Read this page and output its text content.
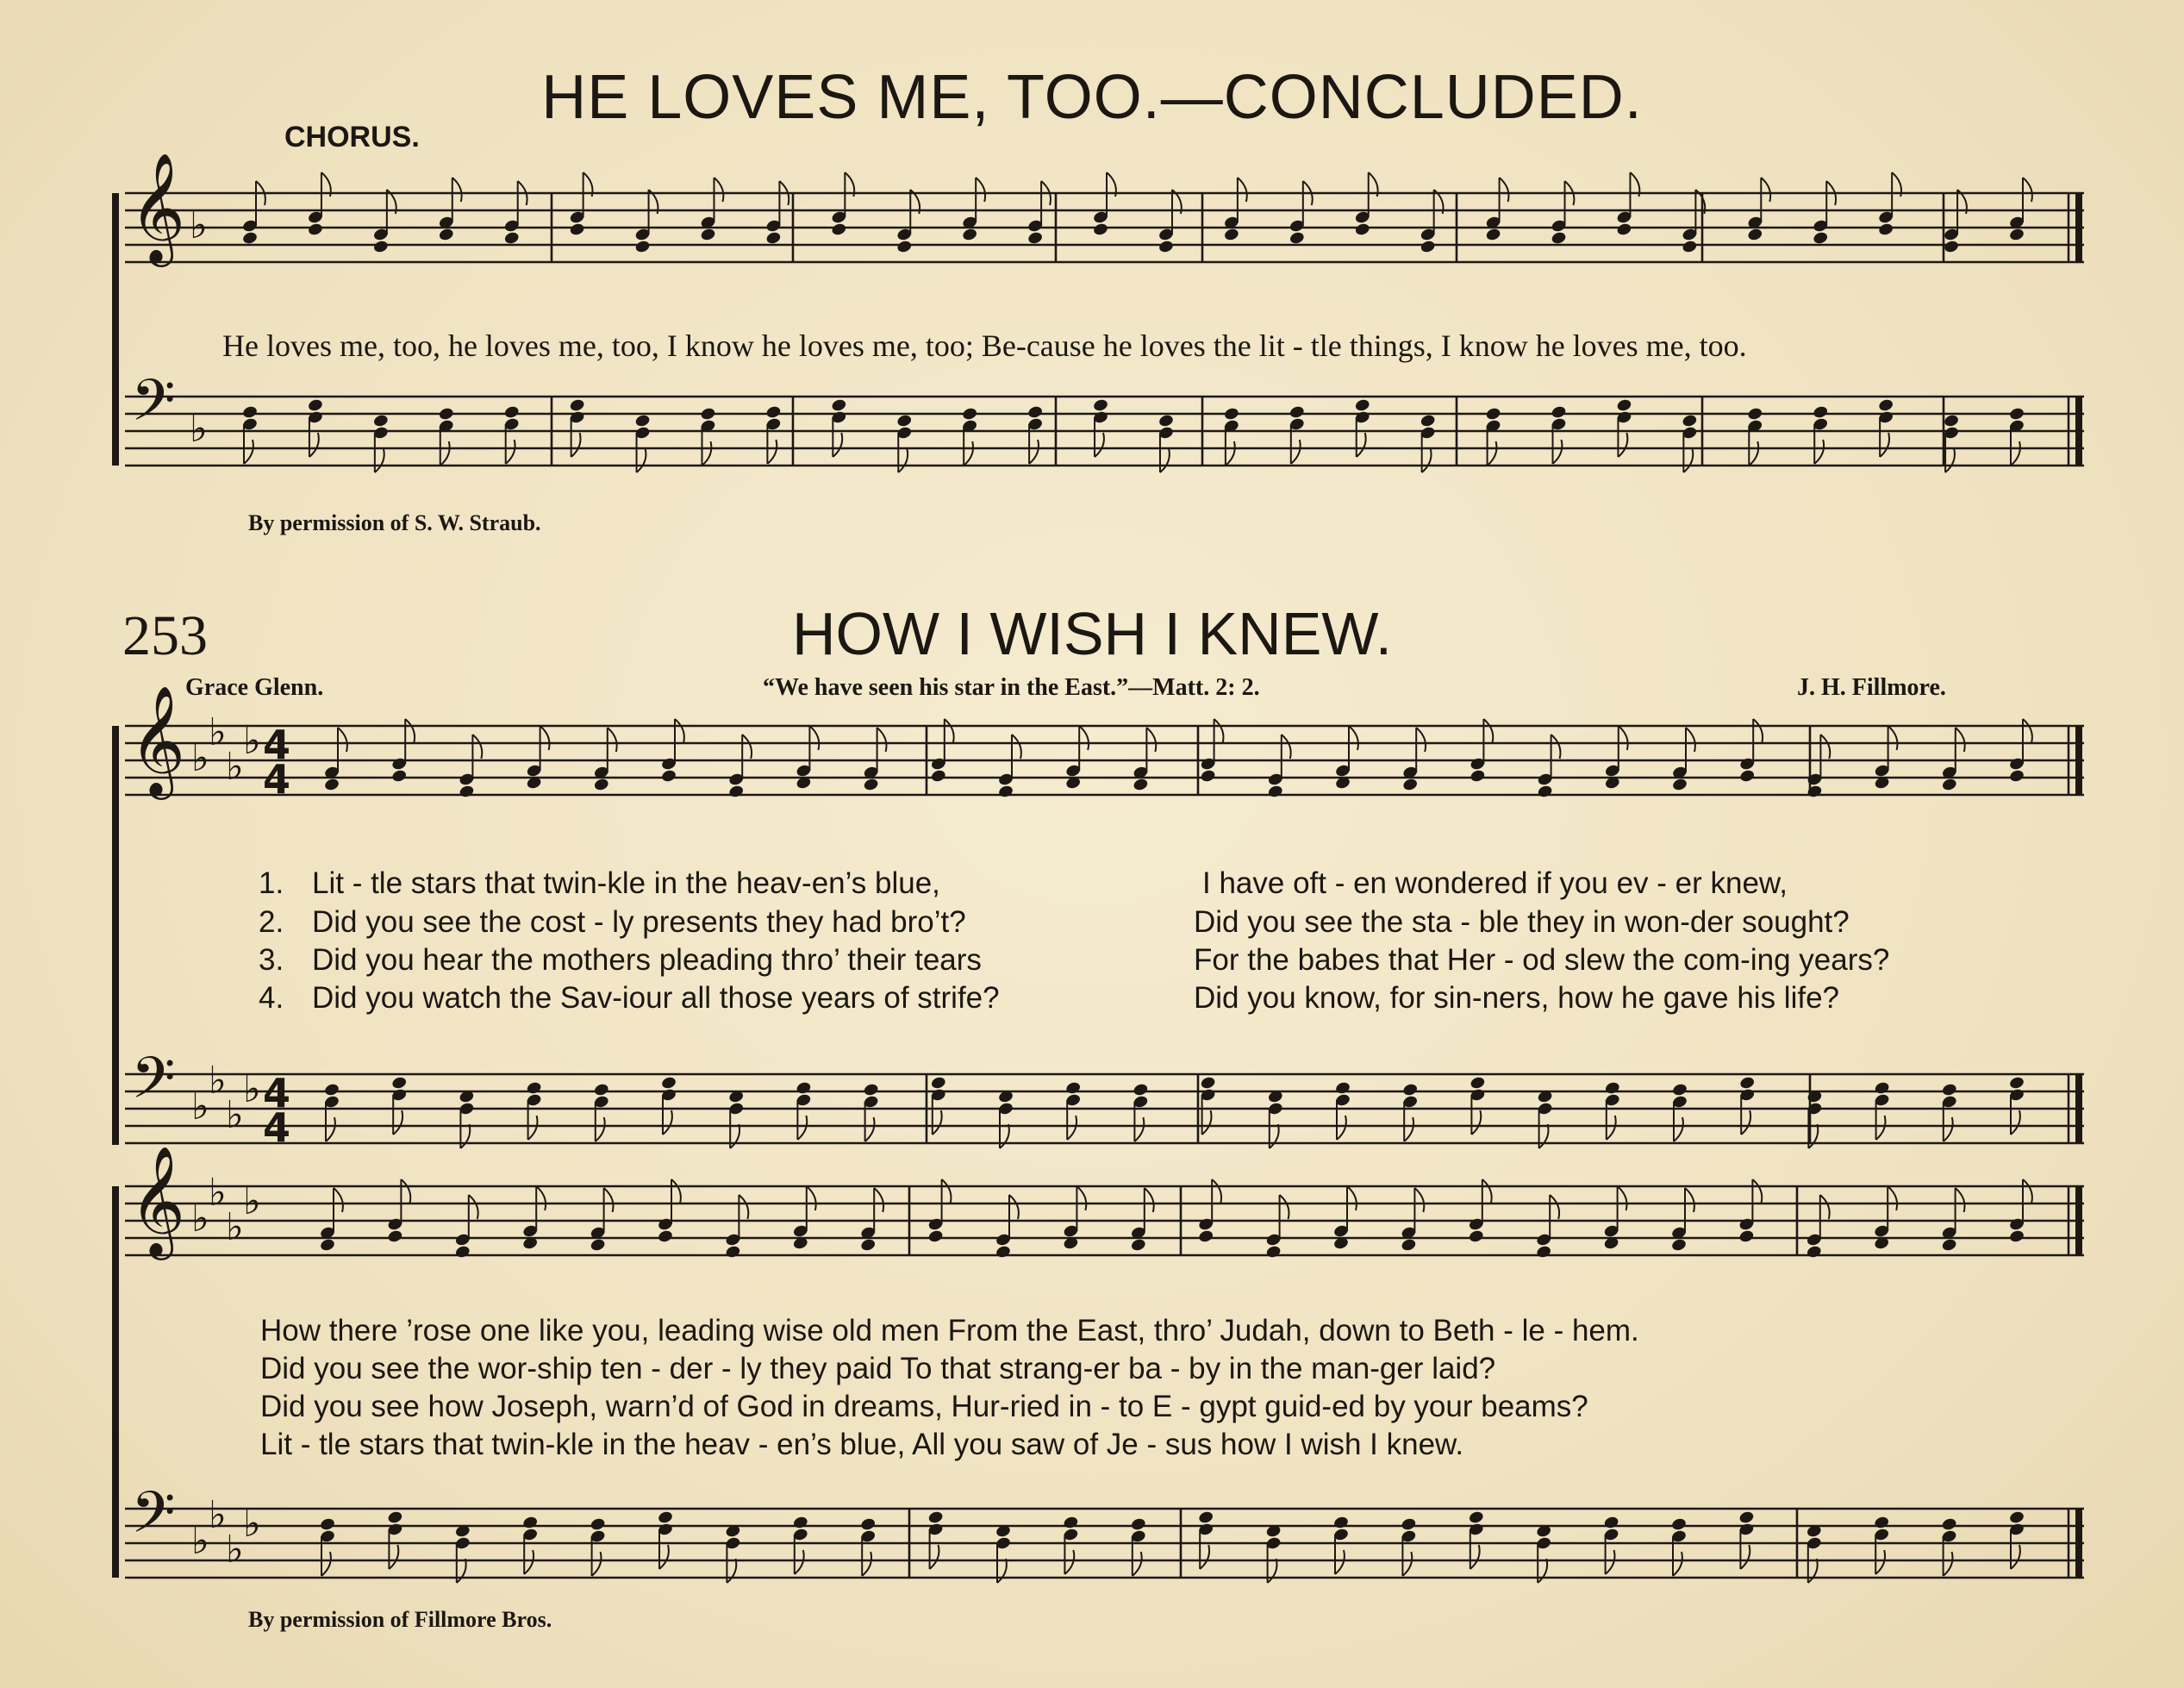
𝄞
𝄢
♭
♭
𝄞
𝄢
♭
♭
♭
♭
♭
♭
♭
♭
4
4
4
4
𝄞
𝄢
♭
♭
♭
♭
♭
♭
♭
♭
HE LOVES ME, TOO.—CONCLUDED.
CHORUS.
He loves me, too, he loves me, too, I know he loves me, too; Be-cause he loves the lit - tle things, I know he loves me, too.
By permission of S. W. Straub.
253	HOW I WISH I KNEW.
Grace Glenn.	“We have seen his star in the East.”—Matt. 2: 2.	J. H. Fillmore.
1. Lit - tle stars that twin-kle in the heav-en’s blue,	I have oft - en wondered if you ev - er knew,
2. Did you see the cost - ly presents they had bro’t?	Did you see the sta - ble they in won-der sought?
3. Did you hear the mothers pleading thro’ their tears	For the babes that Her - od slew the com-ing years?
4. Did you watch the Sav-iour all those years of strife?	Did you know, for sin-ners, how he gave his life?
How there ’rose one like you, leading wise old men From the East, thro’ Judah, down to Beth - le - hem.
Did you see the wor-ship ten - der - ly they paid To that strang-er ba - by in the man-ger laid?
Did you see how Joseph, warn’d of God in dreams, Hur-ried in - to E - gypt guid-ed by your beams?
Lit - tle stars that twin-kle in the heav - en’s blue, All you saw of Je - sus how I wish I knew.
By permission of Fillmore Bros.
